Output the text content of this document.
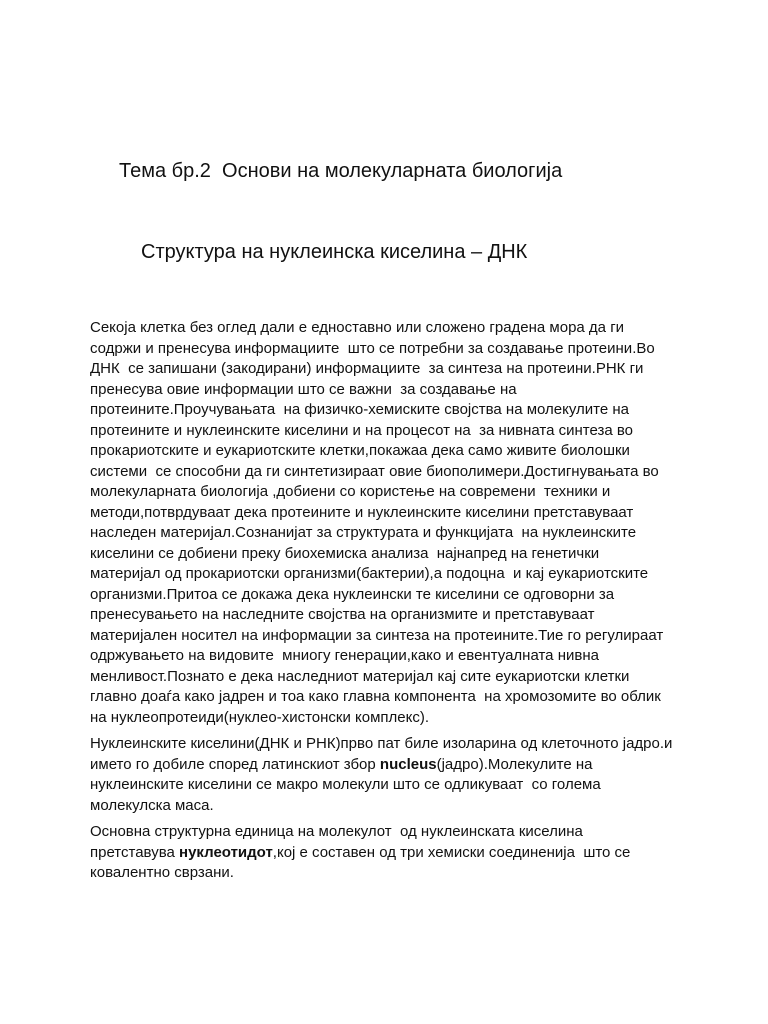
Тема бр.2  Основи на молекуларната биологија
Структура на нуклеинска киселина – ДНК

Секоја клетка без оглед дали е едноставно или сложено градена мора да ги
содржи и пренесува информациите  што се потребни за создавање протеини.Во
ДНК  се запишани (закодирани) информациите  за синтеза на протеини.РНК ги
пренесува овие информации што се важни  за создавање на
протеините.Проучувањата  на физичко-хемиските својства на молекулите на
протеините и нуклеинските киселини и на процесот на  за нивната синтеза во
прокариотските и еукариотските клетки,покажаа дека само живите биолошки
системи  се способни да ги синтетизираат овие биополимери.Достигнувањата во
молекуларната биологија ,добиени со користење на современи  техники и
методи,потврдуваат дека протеините и нуклеинските киселини претставуваат
наследен материјал.Сознанијат за структурата и функцијата  на нуклеинските
киселини се добиени преку биохемиска анализа  најнапред на генетички
материјал од прокариотски организми(бактерии),а подоцна  и кај еукариотските
организми.Притоа се докажа дека нуклеински те киселини се одговорни за
пренесувањето на наследните својства на организмите и претставуваат
материјален носител на информации за синтеза на протеините.Тие го регулираат
одржувањето на видовите  мниогу генерации,како и евентуалната нивна
менливост.Познато е дека наследниот материјал кај сите еукариотски клетки
главно доаѓа како јадрен и тоа како главна компонента  на хромозомите во облик
на нуклеопротеиди(нуклео-хистонски комплекс).

Нуклеинските киселини(ДНК и РНК)прво пат биле изоларина од клеточното јадро.и
името го добиле според латинскиот збор nucleus(јадро).Молекулите на
нуклеинските киселини се макро молекули што се одликуваат  со голема
молекулска маса.

Основна структурна единица на молекулот  од нуклеинската киселина
претставува нуклеотидот,кој е составен од три хемиски соединенија  што се
ковалентно сврзани.
